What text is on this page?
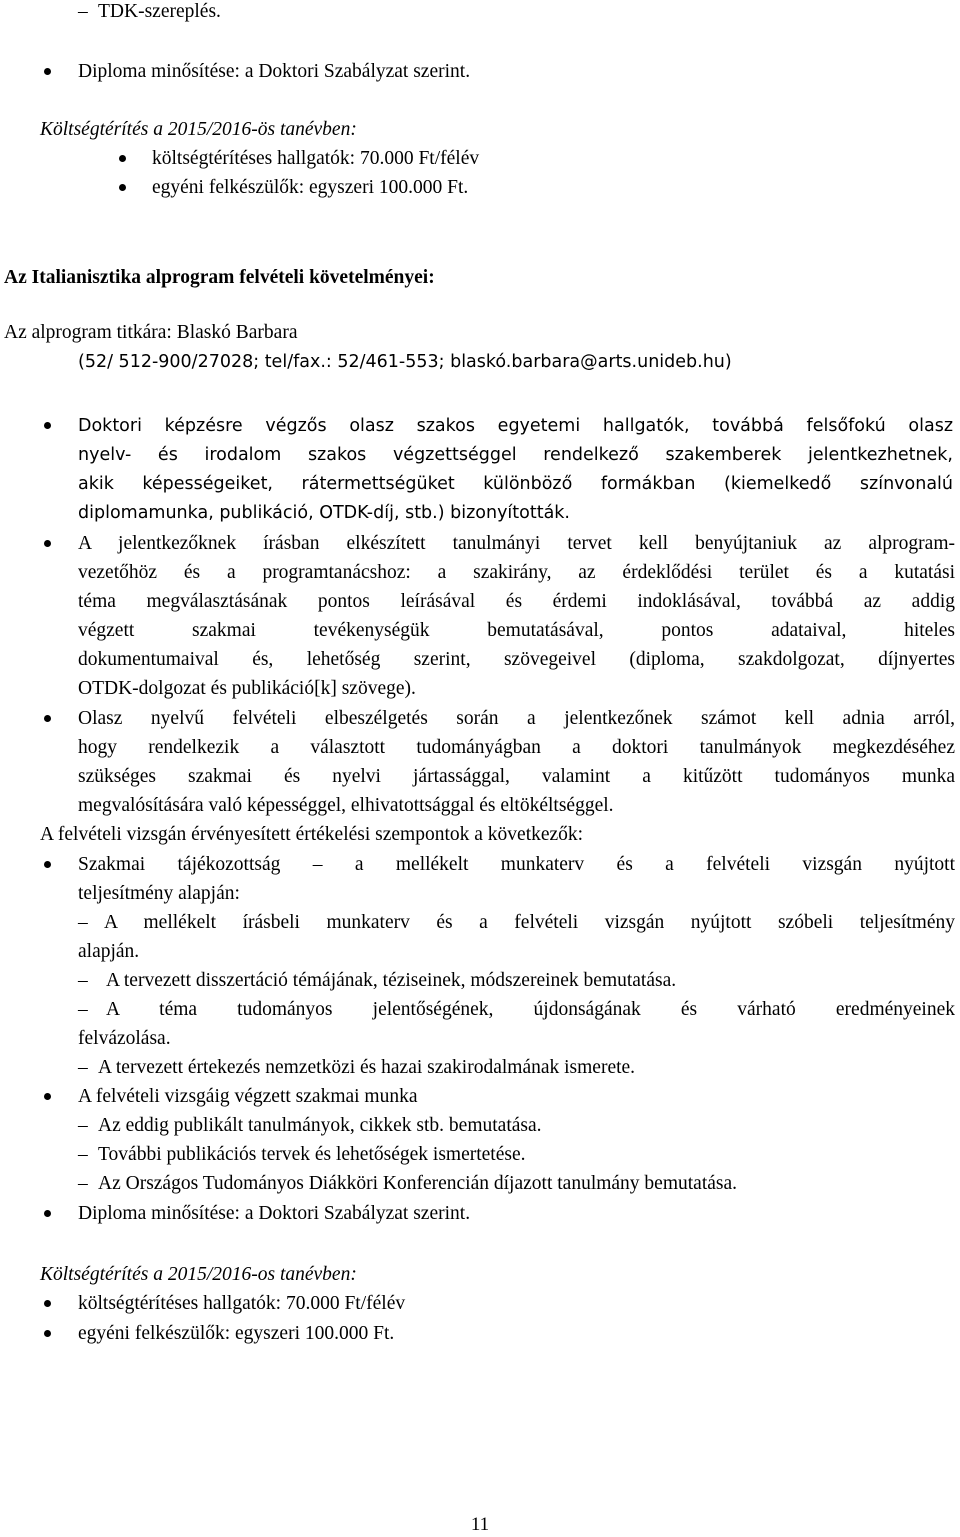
– TDK-szereplés.
Diploma minősítése: a Doktori Szabályzat szerint.
Költségtérítés a 2015/2016-ös tanévben:
költségtérítéses hallgatók: 70.000 Ft/félév
egyéni felkészülők: egyszeri 100.000 Ft.
Az Italianisztika alprogram felvételi követelményei:
Az alprogram titkára: Blaskó Barbara
(52/ 512-900/27028; tel/fax.: 52/461-553; blaskó.barbara@arts.unideb.hu)
Doktori képzésre végzős olasz szakos egyetemi hallgatók, továbbá felsőfokú olasz
nyelv- és irodalom szakos végzettséggel rendelkező szakemberek jelentkezhetnek,
akik képességeiket, rátermettségüket különböző formákban (kiemelkedő színvonalú
diplomamunka, publikáció, OTDK-díj, stb.) bizonyították.
A jelentkezőknek írásban elkészített tanulmányi tervet kell benyújtaniuk az alprogram-
vezetőhöz és a programtanácshoz: a szakirány, az érdeklődési terület és a kutatási
téma megválasztásának pontos leírásával és érdemi indoklásával, továbbá az addig
végzett szakmai tevékenységük bemutatásával, pontos adataival, hiteles
dokumentumaival és, lehetőség szerint, szövegeivel (diploma, szakdolgozat, díjnyertes
OTDK-dolgozat és publikáció[k] szövege).
Olasz nyelvű felvételi elbeszélgetés során a jelentkezőnek számot kell adnia arról,
hogy rendelkezik a választott tudományágban a doktori tanulmányok megkezdéséhez
szükséges szakmai és nyelvi jártassággal, valamint a kitűzött tudományos munka
megvalósítására való képességgel, elhivatottsággal és eltökéltséggel.
A felvételi vizsgán érvényesített értékelési szempontok a következők:
Szakmai tájékozottság – a mellékelt munkaterv és a felvételi vizsgán nyújtott
teljesítmény alapján:
– A mellékelt írásbeli munkaterv és a felvételi vizsgán nyújtott szóbeli teljesítmény
alapján.
– A tervezett disszertáció témájának, téziseinek, módszereinek bemutatása.
– A téma tudományos jelentőségének, újdonságának és várható eredményeinek
felvázolása.
– A tervezett értekezés nemzetközi és hazai szakirodalmának ismerete.
A felvételi vizsgáig végzett szakmai munka
– Az eddig publikált tanulmányok, cikkek stb. bemutatása.
– További publikációs tervek és lehetőségek ismertetése.
– Az Országos Tudományos Diákköri Konferencián díjazott tanulmány bemutatása.
Diploma minősítése: a Doktori Szabályzat szerint.
Költségtérítés a 2015/2016-os tanévben:
költségtérítéses hallgatók: 70.000 Ft/félév
egyéni felkészülők: egyszeri 100.000 Ft.
11
